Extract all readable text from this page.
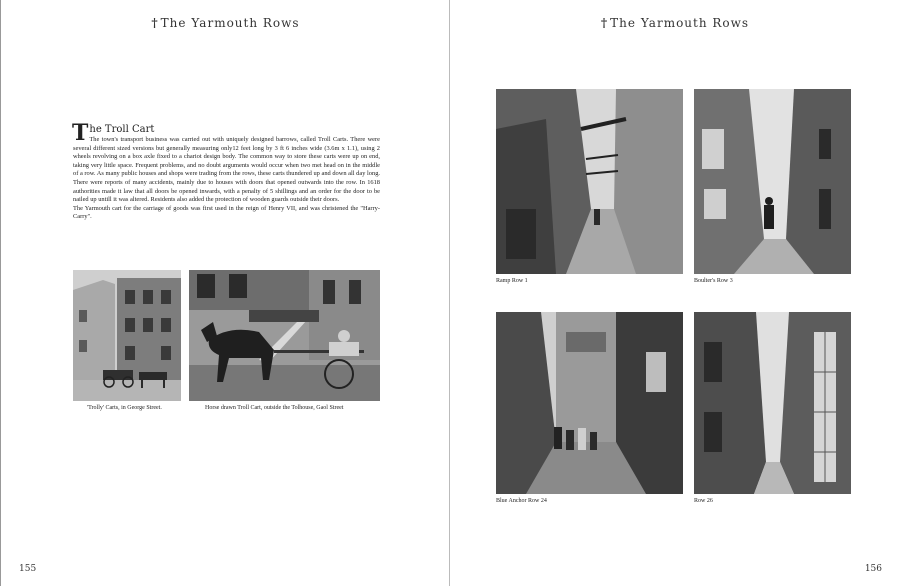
† The Yarmouth Rows
The Troll Cart

The town's transport business was carried out with uniquely designed barrows, called Troll Carts. There were several different sized versions but generally measuring only12 feet long by 3 ft 6 inches wide (3.6m x 1.1), using 2 wheels revolving on a box axle fixed to a chariot design body. The common way to store these carts were up on end, taking very little space. Frequent problems, and no doubt arguments would occur when two met head on in the middle of a row. As many public houses and shops were trading from the rows, these carts thundered up and down all day long. There were reports of many accidents, mainly due to houses with doors that opened outwards into the row. In 1618 authorities made it law that all doors be opened inwards, with a penalty of 5 shillings and an order for the door to be nailed up untill it was altered. Residents also added the protection of wooden guards outside their doors.

The Yarmouth cart for the carriage of goods was first used in the reign of Henry VII, and was christened the "Harry-Carry".

'Trolly' Carts, in George Street.	Horse drawn Troll Cart, outside the Tolhouse, Gaol Street
155
† The Yarmouth Rows
Ramp Row 1	Boulter's Row 3
Blue Anchor Row 24	Row 26
156
